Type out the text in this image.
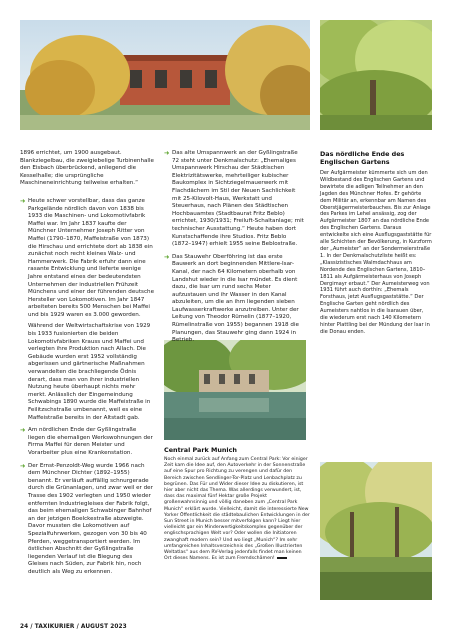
1896 errichtet, um 1900 ausgebaut. Blankziegelbau, die zweigiebelige Turbinenhalle den Eisbach überbrückend, anliegend die Kesselhalle; die ursprüngliche Maschineneinrichtung teilweise erhalten.“

➜ Heute schwer vorstellbar, dass das ganze Parkgelände nördlich davon von 1838 bis 1933 die Maschinen- und Lokomotivfabrik Maffei war. Im Jahr 1837 kaufte der Münchner Unternehmer Joseph Ritter von Maffei (1790–1870, Maffeistraße von 1873) die Hirschau und errichtete dort ab 1838 ein zunächst noch recht kleines Walz- und Hammerwerk. Die Fabrik erfuhr dann eine rasante Entwicklung und lieferte wenige Jahre entstand eines der bedeutendsten Unternehmen der industriellen Frühzeit Münchens und einer der führenden deutsche Hersteller von Lokomotiven. Im Jahr 1847 arbeiteten bereits 500 Menschen bei Maffei und bis 1929 waren es 3.000 geworden.

Während der Weltwirtschaftskrise von 1929 bis 1933 fusionierten die beiden Lokomotivfabriken Krauss und Maffei und verlegten ihre Produktion nach Allach. Die Gebäude wurden erst 1952 vollständig abgerissen und gärtnerische Maßnahmen verwandelten die brachliegende Ödnis derart, dass man von ihrer industriellen Nutzung heute überhaupt nichts mehr merkt. Anlässlich der Eingemeindung Schwabings 1890 wurde die Maffeistraße in Feilitzschstraße umbenannt, weil es eine Maffeistraße bereits in der Altstadt gab.

➜ Am nördlichen Ende der Gyßlingstraße liegen die ehemaligen Werkswohnungen der Firma Maffei für deren Meister und Vorarbeiter plus eine Krankenstation.

➜ Der Ernst-Penzoldt-Weg wurde 1966 nach dem Münchner Dichter (1892–1955) benannt. Er verläuft auffällig schnurgerade durch die Grünanlagen, und zwar weil er der Trasse des 1902 verlegten und 1950 wieder entfernten Industriegleises der Fabrik folgt, das beim ehemaligen Schwabinger Bahnhof an der jetzigen Boelckestraße abzweigte. Davor mussten die Lokomotiven auf Spezialfuhrwerken, gezogen von 30 bis 40 Pferden, weggetransportiert werden. Im östlichen Abschnitt der Gyßlingstraße liegenden Verlauf ist die Biegung des Gleises nach Süden, zur Fabrik hin, noch deutlich als Weg zu erkennen.

➜ Das alte Umspannwerk an der Gyßlingstraße 72 steht unter Denkmalschutz: „Ehemaliges Umspannwerk Hirschau der Städtischen Elektrizitätswerke, mehrteiliger kubischer Baukomplex in Sichtziegelmauerwerk mit Flachdächern im Stil der Neuen Sachlichkeit mit 25-Kilovolt-Haus, Werkstatt und Steuerhaus, nach Plänen des Städtischen Hochbauamtes (Stadtbaurat Fritz Beblo) errichtet, 1930/1931; Freiluft-Schaltanlage; mit technischer Ausstattung.“ Heute haben dort Kunstschaffende ihre Studios. Fritz Beblo (1872–1947) erhielt 1955 seine Beblostraße.

➜ Das Stauwehr Oberföhring ist das erste Bauwerk an dort beginnenden Mittlere-Isar-Kanal, der nach 64 Kilometern oberhalb von Landshut wieder in die Isar mündet. Es dient dazu, die Isar um rund sechs Meter aufzustauen und ihr Wasser in den Kanal abzuleiten, um die an ihm liegenden sieben Laufwasserkraftwerke anzutreiben. Unter der Leitung von Theodor Rümelin (1877–1920, Rümelinstraße von 1955) begannen 1918 die Planungen, das Stauwehr ging dann 1924 in Betrieb.

Das nördliche Ende des Englischen Gartens

Der Aufgärmeister kümmerte sich um den Wildbestand des Englischen Gartens und bewirtete die adligen Teilnehmer an den Jagden des Münchner Hofes. Er gehörte dem Militär an, erkennbar am Namen des Oberstjägermeisterbauches. Bis zur Anlage des Parkes im Lehel ansässig, zog der Aufgärmeister 1807 an das nördliche Ende des Englischen Gartens. Daraus entwickelte sich eine Ausflugsgaststätte für alle Schichten der Bevölkerung, in Kurzform der „Aumeister“ an der Sondermeierstraße 1. In der Denkmalschutzliste heißt es: „Klassizistisches Walmdachhaus am Nordende des Englischen Gartens, 1810–1811 als Aufgärmeisterhaus von Joseph Dergimayr erbaut.“ Der Aumeisterweg von 1931 führt auch dorthin: „Ehemals Forsthaus, jetzt Ausflugsgaststätte.“ Der Englische Garten geht nördlich des Aumeisters nahtlos in die Isarauen über, die wiederum erst nach 140 Kilometern hinter Plattling bei der Mündung der Isar in die Donau enden.

Central Park Munich

Noch einmal zurück auf Anfang zum Central Park: Vor einiger Zeit kam die Idee auf, den Autoverkehr in der Sonnenstraße auf eine Spur pro Richtung zu verengen und dafür den Bereich zwischen Sendlinger-Tor-Platz und Lenbachplatz zu begrünen. Das Für und Wider dieser Idee zu diskutieren, ist hier aber nicht das Thema. Was allerdings verwundert, ist, dass das maximal fünf Hektar große Projekt großenwahnsinnig und völlig daneben zum „Central Park Munich“ erklärt wurde. Vielleicht, damit die interessierte New Yorker Öffentlichkeit die städtebaulichen Entwicklungen in der Sun Street in Munich besser mitverfolgen kann? Liegt hier vielleicht gar ein Minderwertigkeitskomplex gegenüber der englischsprachigen Welt vor? Oder wollen die Initiatoren zwanghaft modern sein? Und wo liegt „Munich“? Im sehr umfangreichen Inhaltsverzeichnis des „Großen Illustrierten Weltatlas“ aus dem RV-Verlag jedenfalls findet man keinen Ort dieses Namens. Es ist zum Fremdschämen!

24 / TAXIKURIER / AUGUST 2023
